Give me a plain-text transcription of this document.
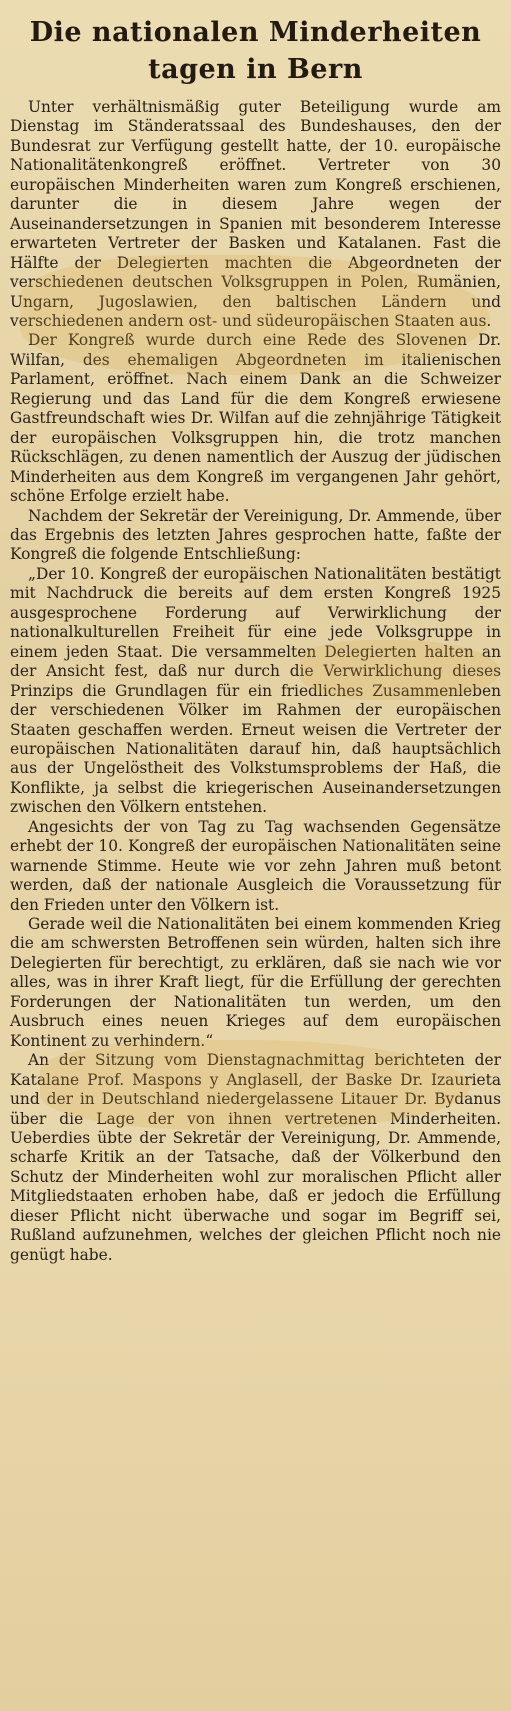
Die nationalen Minderheiten
tagen in Bern

Unter verhältnismäßig guter Beteiligung wurde am Dienstag im Ständeratssaal des Bundeshauses, den der Bundesrat zur Verfügung gestellt hatte, der 10. europäische Nationalitätenkongreß eröffnet. Vertreter von 30 europäischen Minderheiten waren zum Kongreß erschienen, darunter die in diesem Jahre wegen der Auseinandersetzungen in Spanien mit besonderem Interesse erwarteten Vertreter der Basken und Katalanen. Fast die Hälfte der Delegierten machten die Abgeordneten der verschiedenen deutschen Volksgruppen in Polen, Rumänien, Ungarn, Jugoslawien, den baltischen Ländern und verschiedenen andern ost- und südeuropäischen Staaten aus.

Der Kongreß wurde durch eine Rede des Slovenen Dr. Wilfan, des ehemaligen Abgeordneten im italienischen Parlament, eröffnet. Nach einem Dank an die Schweizer Regierung und das Land für die dem Kongreß erwiesene Gastfreundschaft wies Dr. Wilfan auf die zehnjährige Tätigkeit der europäischen Volksgruppen hin, die trotz manchen Rückschlägen, zu denen namentlich der Auszug der jüdischen Minderheiten aus dem Kongreß im vergangenen Jahr gehört, schöne Erfolge erzielt habe.

Nachdem der Sekretär der Vereinigung, Dr. Ammende, über das Ergebnis des letzten Jahres gesprochen hatte, faßte der Kongreß die folgende Entschließung:

„Der 10. Kongreß der europäischen Nationalitäten bestätigt mit Nachdruck die bereits auf dem ersten Kongreß 1925 ausgesprochene Forderung auf Verwirklichung der nationalkulturellen Freiheit für eine jede Volksgruppe in einem jeden Staat. Die versammelten Delegierten halten an der Ansicht fest, daß nur durch die Verwirklichung dieses Prinzips die Grundlagen für ein friedliches Zusammenleben der verschiedenen Völker im Rahmen der europäischen Staaten geschaffen werden. Erneut weisen die Vertreter der europäischen Nationalitäten darauf hin, daß hauptsächlich aus der Ungelöstheit des Volkstumsproblems der Haß, die Konflikte, ja selbst die kriegerischen Auseinandersetzungen zwischen den Völkern entstehen.

Angesichts der von Tag zu Tag wachsenden Gegensätze erhebt der 10. Kongreß der europäischen Nationalitäten seine warnende Stimme. Heute wie vor zehn Jahren muß betont werden, daß der nationale Ausgleich die Voraussetzung für den Frieden unter den Völkern ist.

Gerade weil die Nationalitäten bei einem kommenden Krieg die am schwersten Betroffenen sein würden, halten sich ihre Delegierten für berechtigt, zu erklären, daß sie nach wie vor alles, was in ihrer Kraft liegt, für die Erfüllung der gerechten Forderungen der Nationalitäten tun werden, um den Ausbruch eines neuen Krieges auf dem europäischen Kontinent zu verhindern.“

An der Sitzung vom Dienstagnachmittag berichteten der Katalane Prof. Maspons y Anglasell, der Baske Dr. Izaurieta und der in Deutschland niedergelassene Litauer Dr. Bydanus über die Lage der von ihnen vertretenen Minderheiten. Ueberdies übte der Sekretär der Vereinigung, Dr. Ammende, scharfe Kritik an der Tatsache, daß der Völkerbund den Schutz der Minderheiten wohl zur moralischen Pflicht aller Mitgliedstaaten erhoben habe, daß er jedoch die Erfüllung dieser Pflicht nicht überwache und sogar im Begriff sei, Rußland aufzunehmen, welches der gleichen Pflicht noch nie genügt habe.
